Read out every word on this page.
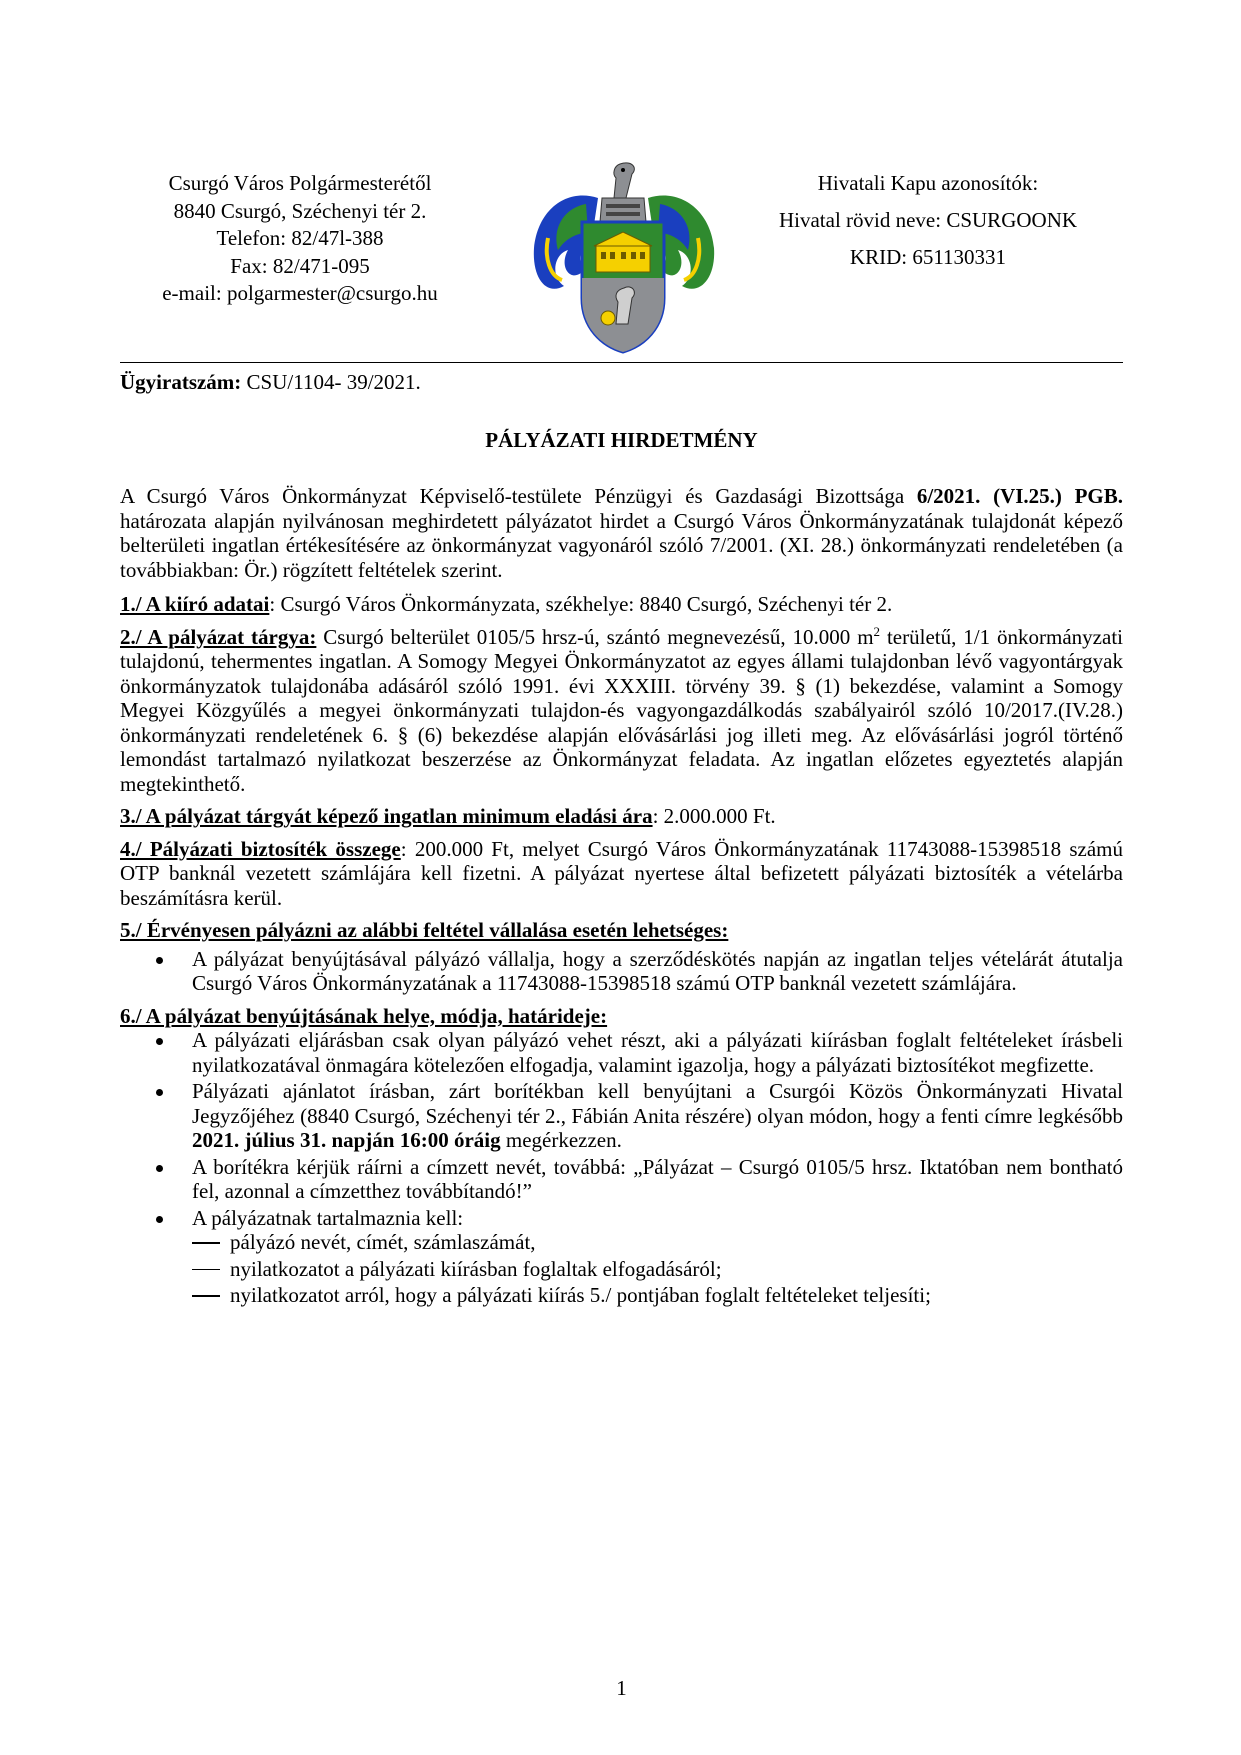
Csurgó Város Polgármesterétől
8840 Csurgó, Széchenyi tér 2.
Telefon: 82/47l-388
Fax: 82/471-095
e-mail: polgarmester@csurgo.hu
Hivatali Kapu azonosítók:
Hivatal rövid neve: CSURGOONK
KRID: 651130331
Ügyiratszám: CSU/1104- 39/2021.
PÁLYÁZATI HIRDETMÉNY

A Csurgó Város Önkormányzat Képviselő-testülete Pénzügyi és Gazdasági Bizottsága 6/2021. (VI.25.) PGB. határozata alapján nyilvánosan meghirdetett pályázatot hirdet a Csurgó Város Önkormányzatának tulajdonát képező belterületi ingatlan értékesítésére az önkormányzat vagyonáról szóló 7/2001. (XI. 28.) önkormányzati rendeletében (a továbbiakban: Ör.) rögzített feltételek szerint.

1./ A kiíró adatai: Csurgó Város Önkormányzata, székhelye: 8840 Csurgó, Széchenyi tér 2.

2./ A pályázat tárgya: Csurgó belterület 0105/5 hrsz-ú, szántó megnevezésű, 10.000 $m^2$ területű, 1/1 önkormányzati tulajdonú, tehermentes ingatlan. A Somogy Megyei Önkormányzatot az egyes állami tulajdonban lévő vagyontárgyak önkormányzatok tulajdonába adásáról szóló 1991. évi XXXIII. törvény 39. § (1) bekezdése, valamint a Somogy Megyei Közgyűlés a megyei önkormányzati tulajdon-és vagyongazdálkodás szabályairól szóló 10/2017.(IV.28.) önkormányzati rendeletének 6. § (6) bekezdése alapján elővásárlási jog illeti meg. Az elővásárlási jogról történő lemondást tartalmazó nyilatkozat beszerzése az Önkormányzat feladata. Az ingatlan előzetes egyeztetés alapján megtekinthető.

3./ A pályázat tárgyát képező ingatlan minimum eladási ára: 2.000.000 Ft.

4./ Pályázati biztosíték összege: 200.000 Ft, melyet Csurgó Város Önkormányzatának 11743088-15398518 számú OTP banknál vezetett számlájára kell fizetni. A pályázat nyertese által befizetett pályázati biztosíték a vételárba beszámításra kerül.

5./ Érvényesen pályázni az alábbi feltétel vállalása esetén lehetséges:

A pályázat benyújtásával pályázó vállalja, hogy a szerződéskötés napján az ingatlan teljes vételárát átutalja Csurgó Város Önkormányzatának a 11743088-15398518 számú OTP banknál vezetett számlájára.

6./ A pályázat benyújtásának helye, módja, határideje:

A pályázati eljárásban csak olyan pályázó vehet részt, aki a pályázati kiírásban foglalt feltételeket írásbeli nyilatkozatával önmagára kötelezően elfogadja, valamint igazolja, hogy a pályázati biztosítékot megfizette.
Pályázati ajánlatot írásban, zárt borítékban kell benyújtani a Csurgói Közös Önkormányzati Hivatal Jegyzőjéhez (8840 Csurgó, Széchenyi tér 2., Fábián Anita részére) olyan módon, hogy a fenti címre legkésőbb 2021. július 31. napján 16:00 óráig megérkezzen.
A borítékra kérjük ráírni a címzett nevét, továbbá: „Pályázat – Csurgó 0105/5 hrsz. Iktatóban nem bontható fel, azonnal a címzetthez továbbítandó!”
A pályázatnak tartalmaznia kell:
pályázó nevét, címét, számlaszámát,
nyilatkozatot a pályázati kiírásban foglaltak elfogadásáról;
nyilatkozatot arról, hogy a pályázati kiírás 5./ pontjában foglalt feltételeket teljesíti;
1
